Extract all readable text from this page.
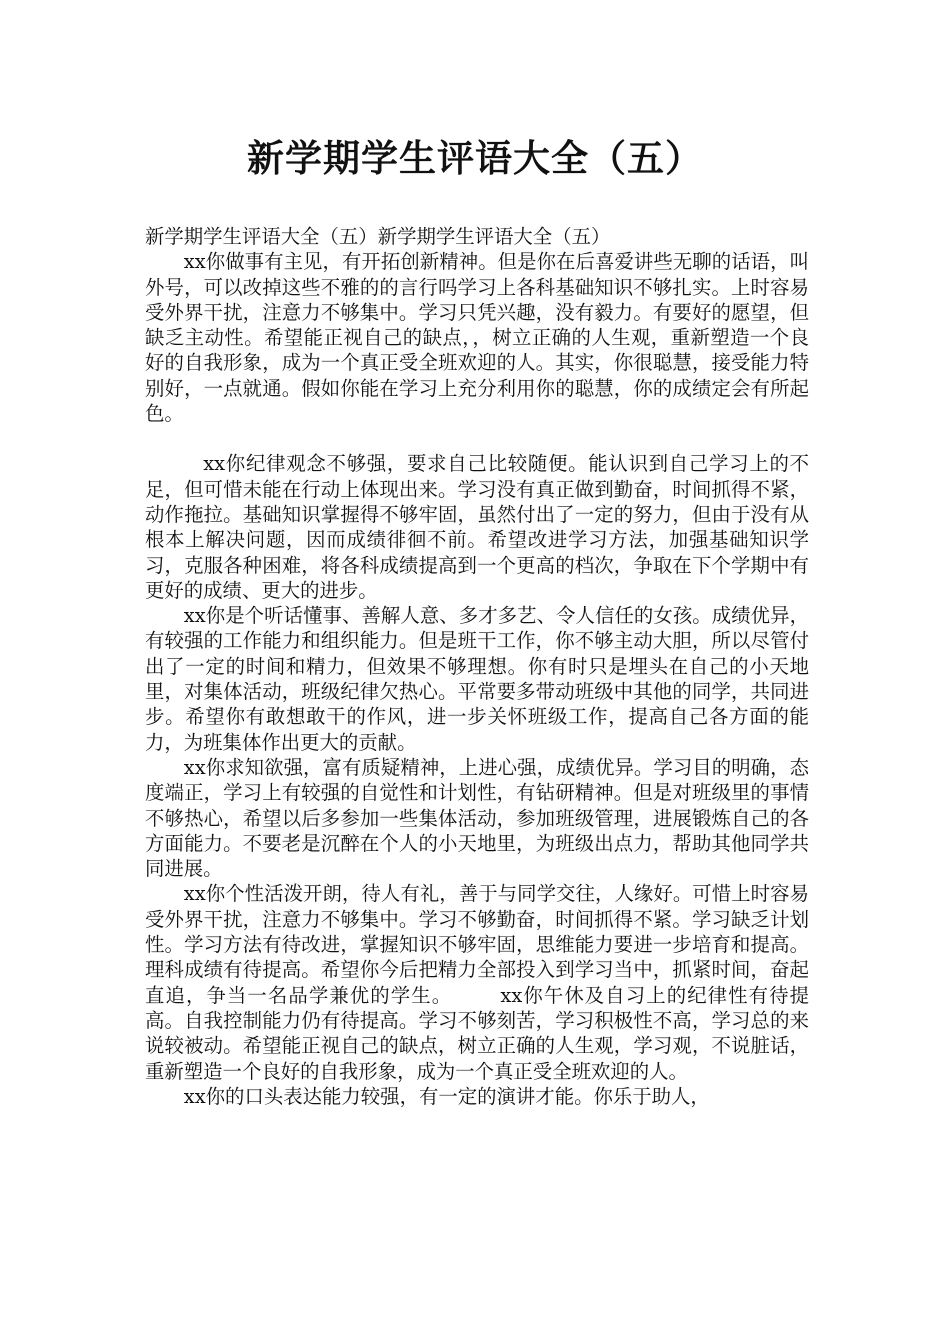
新学期学生评语大全（五）

新学期学生评语大全（五）新学期学生评语大全（五）

xx你做事有主见，有开拓创新精神。但是你在后喜爱讲些无聊的话语，叫外号，可以改掉这些不雅的的言行吗学习上各科基础知识不够扎实。上时容易受外界干扰，注意力不够集中。学习只凭兴趣，没有毅力。有要好的愿望，但缺乏主动性。希望能正视自己的缺点，，树立正确的人生观，重新塑造一个良好的自我形象，成为一个真正受全班欢迎的人。其实，你很聪慧，接受能力特别好，一点就通。假如你能在学习上充分利用你的聪慧，你的成绩定会有所起色。

xx你纪律观念不够强，要求自己比较随便。能认识到自己学习上的不足，但可惜未能在行动上体现出来。学习没有真正做到勤奋，时间抓得不紧，动作拖拉。基础知识掌握得不够牢固，虽然付出了一定的努力，但由于没有从根本上解决问题，因而成绩徘徊不前。希望改进学习方法，加强基础知识学习，克服各种困难，将各科成绩提高到一个更高的档次，争取在下个学期中有更好的成绩、更大的进步。

xx你是个听话懂事、善解人意、多才多艺、令人信任的女孩。成绩优异，有较强的工作能力和组织能力。但是班干工作，你不够主动大胆，所以尽管付出了一定的时间和精力，但效果不够理想。你有时只是埋头在自己的小天地里，对集体活动，班级纪律欠热心。平常要多带动班级中其他的同学，共同进步。希望你有敢想敢干的作风，进一步关怀班级工作，提高自己各方面的能力，为班集体作出更大的贡献。

xx你求知欲强，富有质疑精神，上进心强，成绩优异。学习目的明确，态度端正，学习上有较强的自觉性和计划性，有钻研精神。但是对班级里的事情不够热心，希望以后多参加一些集体活动，参加班级管理，进展锻炼自己的各方面能力。不要老是沉醉在个人的小天地里，为班级出点力，帮助其他同学共同进展。

xx你个性活泼开朗，待人有礼，善于与同学交往，人缘好。可惜上时容易受外界干扰，注意力不够集中。学习不够勤奋，时间抓得不紧。学习缺乏计划性。学习方法有待改进，掌握知识不够牢固，思维能力要进一步培育和提高。理科成绩有待提高。希望你今后把精力全部投入到学习当中，抓紧时间，奋起直追，争当一名品学兼优的学生。 　　xx你午休及自习上的纪律性有待提高。自我控制能力仍有待提高。学习不够刻苦，学习积极性不高，学习总的来说较被动。希望能正视自己的缺点，树立正确的人生观，学习观，不说脏话，重新塑造一个良好的自我形象，成为一个真正受全班欢迎的人。

xx你的口头表达能力较强，有一定的演讲才能。你乐于助人，
